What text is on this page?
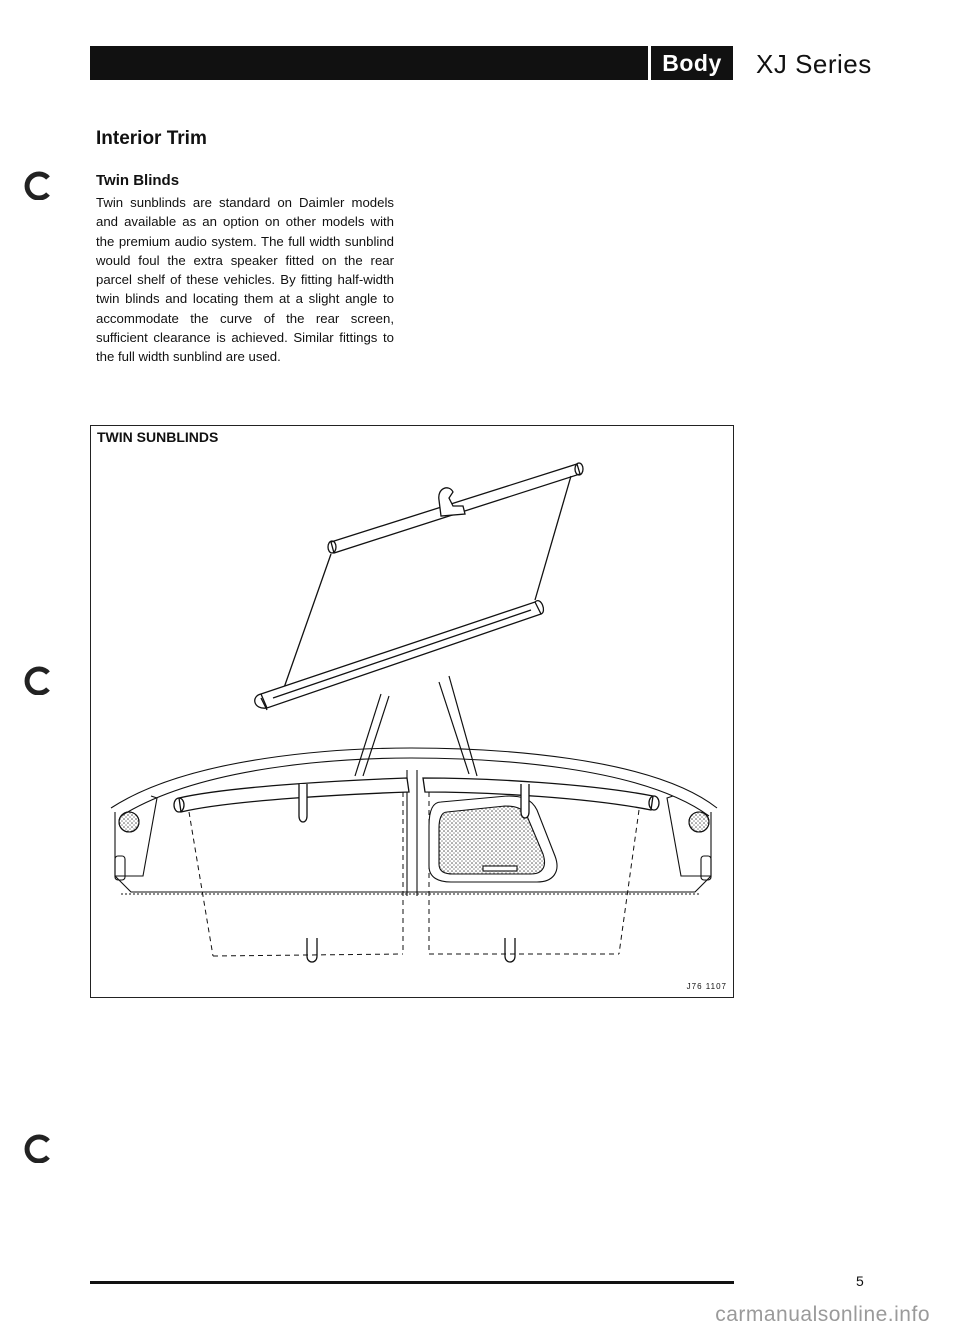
Body	XJ Series
Interior Trim
Twin Blinds
Twin sunblinds are standard on Daimler models and available as an option on other models with the premium audio system. The full width sunblind would foul the extra speaker fitted on the rear parcel shelf of these vehicles. By fitting half-width twin blinds and locating them at a slight angle to accommodate the curve of the rear screen, sufficient clearance is achieved. Similar fittings to the full width sunblind are used.
TWIN SUNBLINDS
J76 1107
5
carmanualsonline.info
